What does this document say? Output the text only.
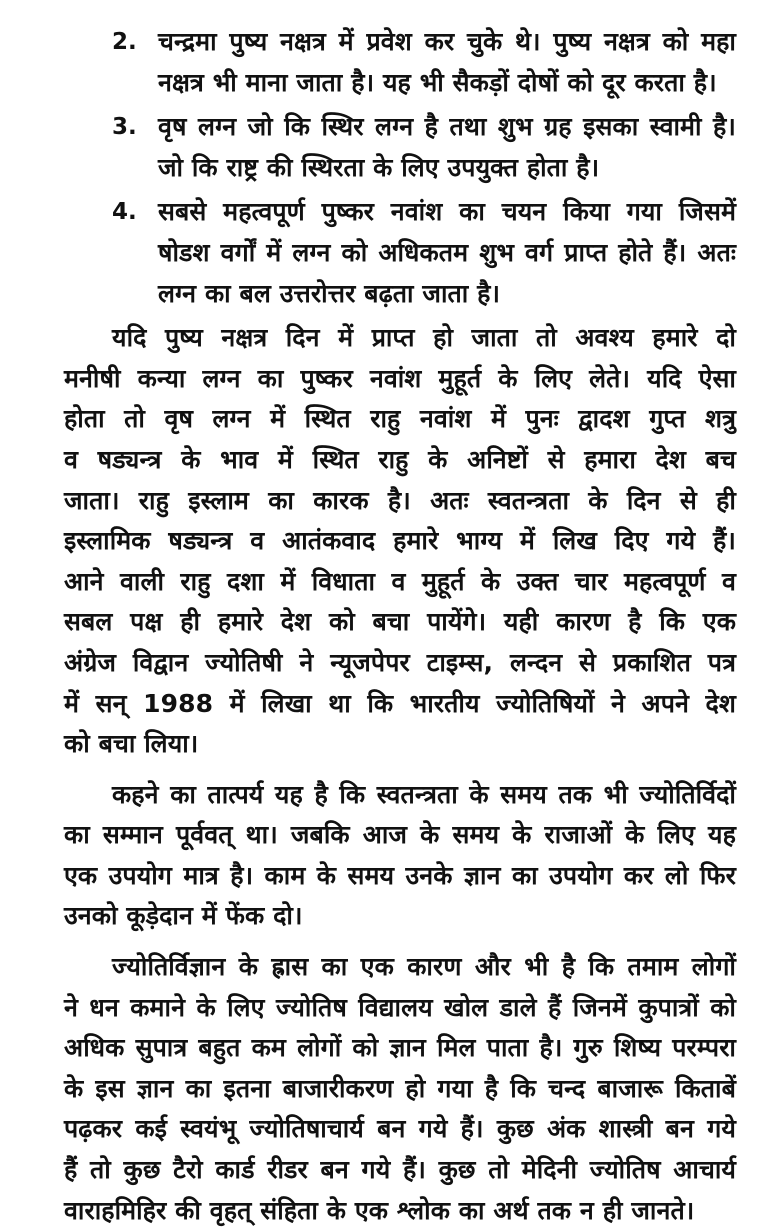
2. चन्द्रमा पुष्य नक्षत्र में प्रवेश कर चुके थे। पुष्य नक्षत्र को महा
नक्षत्र भी माना जाता है। यह भी सैकड़ों दोषों को दूर करता है।
3. वृष लग्न जो कि स्थिर लग्न है तथा शुभ ग्रह इसका स्वामी है।
जो कि राष्ट्र की स्थिरता के लिए उपयुक्त होता है।
4. सबसे महत्वपूर्ण पुष्कर नवांश का चयन किया गया जिसमें
षोडश वर्गों में लग्न को अधिकतम शुभ वर्ग प्राप्त होते हैं। अतः
लग्न का बल उत्तरोत्तर बढ़ता जाता है।
यदि पुष्य नक्षत्र दिन में प्राप्त हो जाता तो अवश्य हमारे दो
मनीषी कन्या लग्न का पुष्कर नवांश मुहूर्त के लिए लेते। यदि ऐसा
होता तो वृष लग्न में स्थित राहु नवांश में पुनः द्वादश गुप्त शत्रु
व षड्यन्त्र के भाव में स्थित राहु के अनिष्टों से हमारा देश बच
जाता। राहु इस्लाम का कारक है। अतः स्वतन्त्रता के दिन से ही
इस्लामिक षड्यन्त्र व आतंकवाद हमारे भाग्य में लिख दिए गये हैं।
आने वाली राहु दशा में विधाता व मुहूर्त के उक्त चार महत्वपूर्ण व
सबल पक्ष ही हमारे देश को बचा पायेंगे। यही कारण है कि एक
अंग्रेज विद्वान ज्योतिषी ने न्यूजपेपर टाइम्स, लन्दन से प्रकाशित पत्र
में सन् 1988 में लिखा था कि भारतीय ज्योतिषियों ने अपने देश
को बचा लिया।
कहने का तात्पर्य यह है कि स्वतन्त्रता के समय तक भी ज्योतिर्विदों
का सम्मान पूर्ववत् था। जबकि आज के समय के राजाओं के लिए यह
एक उपयोग मात्र है। काम के समय उनके ज्ञान का उपयोग कर लो फिर
उनको कूड़ेदान में फेंक दो।
ज्योतिर्विज्ञान के ह्रास का एक कारण और भी है कि तमाम लोगों
ने धन कमाने के लिए ज्योतिष विद्यालय खोल डाले हैं जिनमें कुपात्रों को
अधिक सुपात्र बहुत कम लोगों को ज्ञान मिल पाता है। गुरु शिष्य परम्परा
के इस ज्ञान का इतना बाजारीकरण हो गया है कि चन्द बाजारू किताबें
पढ़कर कई स्वयंभू ज्योतिषाचार्य बन गये हैं। कुछ अंक शास्त्री बन गये
हैं तो कुछ टैरो कार्ड रीडर बन गये हैं। कुछ तो मेदिनी ज्योतिष आचार्य
वाराहमिहिर की वृहत् संहिता के एक श्लोक का अर्थ तक न ही जानते।
